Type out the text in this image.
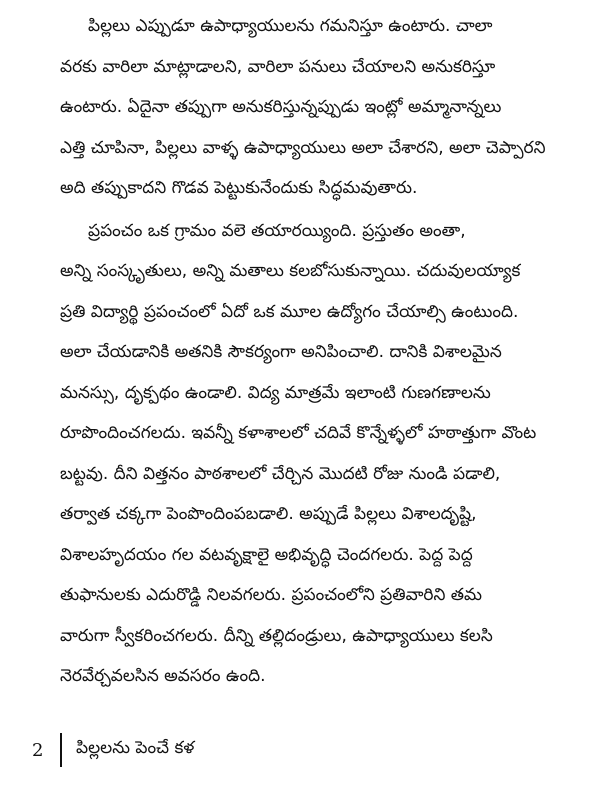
పిల్లలు ఎప్పుడూ ఉపాధ్యాయులను గమనిస్తూ ఉంటారు. చాలా
వరకు వారిలా మాట్లాడాలని, వారిలా పనులు చేయాలని అనుకరిస్తూ
ఉంటారు. ఏదైనా తప్పుగా అనుకరిస్తున్నప్పుడు ఇంట్లో అమ్మానాన్నలు
ఎత్తి చూపినా, పిల్లలు వాళ్ళ ఉపాధ్యాయులు అలా చేశారని, అలా చెప్పారని
అది తప్పుకాదని గొడవ పెట్టుకునేందుకు సిద్ధమవుతారు.

ప్రపంచం ఒక గ్రామం వలె తయారయ్యింది. ప్రస్తుతం అంతా,
అన్ని సంస్కృతులు, అన్ని మతాలు కలబోసుకున్నాయి. చదువులయ్యాక
ప్రతి విద్యార్థి ప్రపంచంలో ఏదో ఒక మూల ఉద్యోగం చేయాల్సి ఉంటుంది.
అలా చేయడానికి అతనికి సౌకర్యంగా అనిపించాలి. దానికి విశాలమైన
మనస్సు, దృక్పథం ఉండాలి. విద్య మాత్రమే ఇలాంటి గుణగణాలను
రూపొందించగలదు. ఇవన్నీ కళాశాలలో చదివే కొన్నేళ్ళలో హఠాత్తుగా వొంట
బట్టవు. దీని విత్తనం పాఠశాలలో చేర్చిన మొదటి రోజు నుండి పడాలి,
తర్వాత చక్కగా పెంపొందింపబడాలి. అప్పుడే పిల్లలు విశాలదృష్టి,
విశాలహృదయం గల వటవృక్షాలై అభివృద్ధి చెందగలరు. పెద్ద పెద్ద
తుఫానులకు ఎదురొడ్డి నిలవగలరు. ప్రపంచంలోని ప్రతివారిని తమ
వారుగా స్వీకరించగలరు. దీన్ని తల్లిదండ్రులు, ఉపాధ్యాయులు కలసి
నెరవేర్చవలసిన అవసరం ఉంది.

2	పిల్లలను పెంచే కళ
